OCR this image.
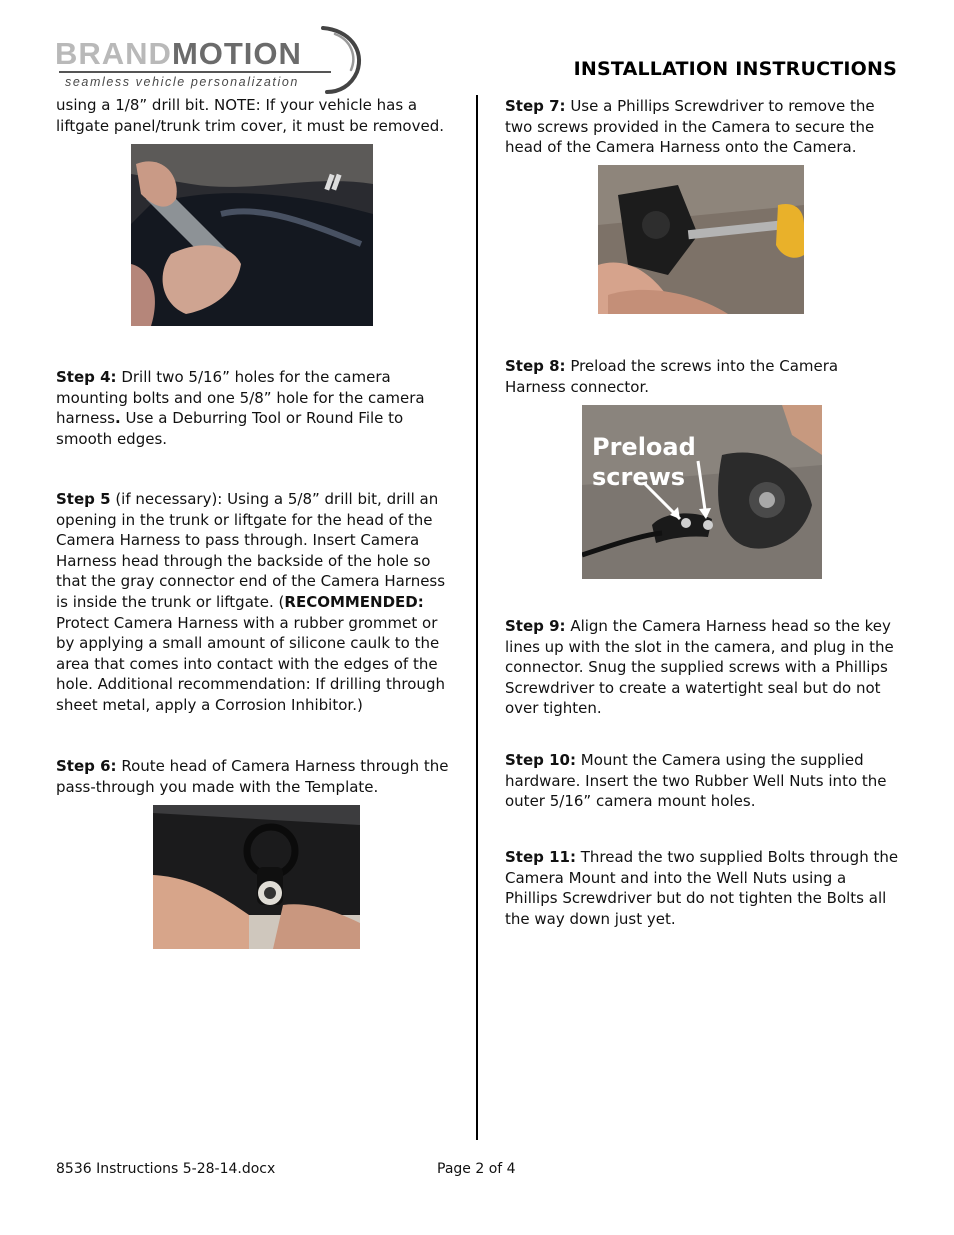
BRANDMOTION
seamless vehicle personalization
INSTALLATION INSTRUCTIONS
using a 1/8” drill bit. NOTE: If your vehicle has a liftgate panel/trunk trim cover, it must be removed.
Step 4: Drill two 5/16” holes for the camera mounting bolts and one 5/8” hole for the camera harness. Use a Deburring Tool or Round File to smooth edges.
Step 5 (if necessary): Using a 5/8” drill bit, drill an opening in the trunk or liftgate for the head of the Camera Harness to pass through. Insert Camera Harness head through the backside of the hole so that the gray connector end of the Camera Harness is inside the trunk or liftgate. (RECOMMENDED: Protect Camera Harness with a rubber grommet or by applying a small amount of silicone caulk to the area that comes into contact with the edges of the hole. Additional recommendation: If drilling through sheet metal, apply a Corrosion Inhibitor.)
Step 6: Route head of Camera Harness through the pass-through you made with the Template.
Step 7: Use a Phillips Screwdriver to remove the two screws provided in the Camera to secure the head of the Camera Harness onto the Camera.
Step 8: Preload the screws into the Camera Harness connector.
Preload
screws
Step 9: Align the Camera Harness head so the key lines up with the slot in the camera, and plug in the connector. Snug the supplied screws with a Phillips Screwdriver to create a watertight seal but do not over tighten.
Step 10: Mount the Camera using the supplied hardware. Insert the two Rubber Well Nuts into the outer 5/16” camera mount holes.
Step 11: Thread the two supplied Bolts through the Camera Mount and into the Well Nuts using a Phillips Screwdriver but do not tighten the Bolts all the way down just yet.
8536 Instructions 5-28-14.docx	Page 2 of 4
